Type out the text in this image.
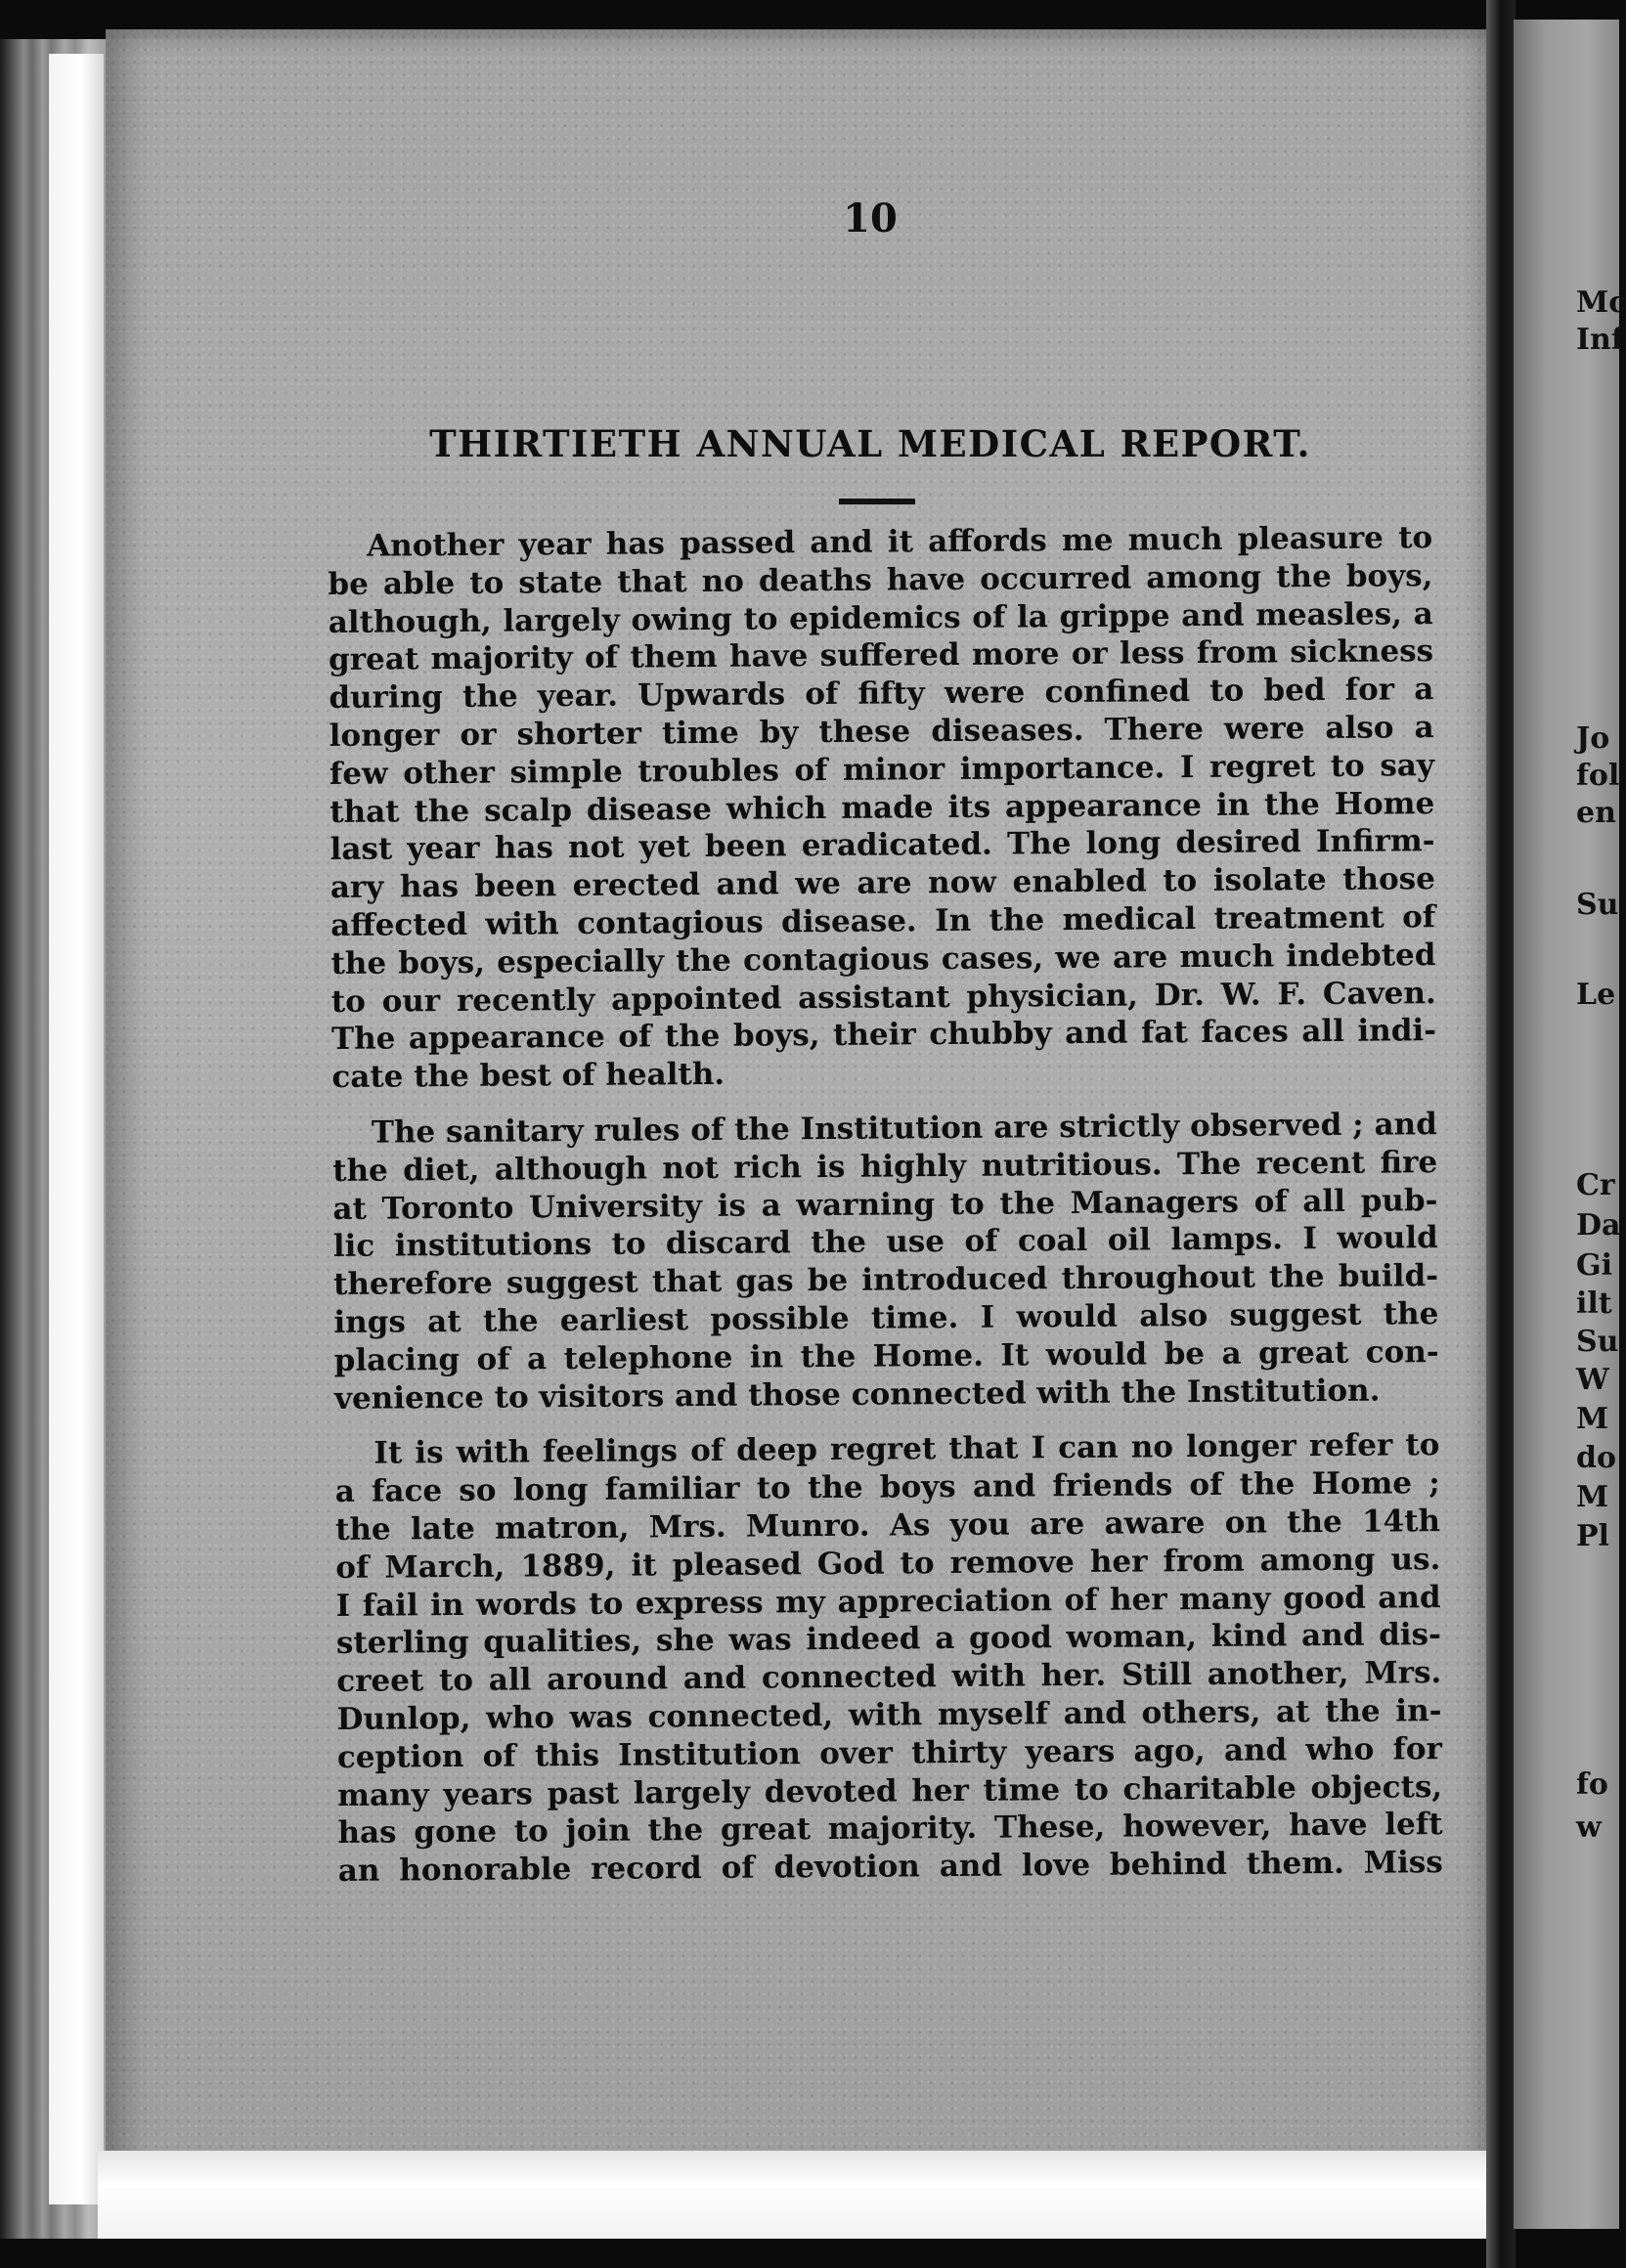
Mc
Inf
Jo
fol
en
Su
Le
Cr
Da
Gi
ilt
Su
W
M
do
M
Pl
fo
w
10
THIRTIETH ANNUAL MEDICAL REPORT.
Another year has passed and it affords me much pleasure to
be able to state that no deaths have occurred among the boys,
although, largely owing to epidemics of la grippe and measles, a
great majority of them have suffered more or less from sickness
during the year. Upwards of fifty were confined to bed for a
longer or shorter time by these diseases. There were also a
few other simple troubles of minor importance. I regret to say
that the scalp disease which made its appearance in the Home
last year has not yet been eradicated. The long desired Infirm-
ary has been erected and we are now enabled to isolate those
affected with contagious disease. In the medical treatment of
the boys, especially the contagious cases, we are much indebted
to our recently appointed assistant physician, Dr. W. F. Caven.
The appearance of the boys, their chubby and fat faces all indi-
cate the best of health.
The sanitary rules of the Institution are strictly observed ; and
the diet, although not rich is highly nutritious. The recent fire
at Toronto University is a warning to the Managers of all pub-
lic institutions to discard the use of coal oil lamps. I would
therefore suggest that gas be introduced throughout the build-
ings at the earliest possible time. I would also suggest the
placing of a telephone in the Home. It would be a great con-
venience to visitors and those connected with the Institution.
It is with feelings of deep regret that I can no longer refer to
a face so long familiar to the boys and friends of the Home ;
the late matron, Mrs. Munro. As you are aware on the 14th
of March, 1889, it pleased God to remove her from among us.
I fail in words to express my appreciation of her many good and
sterling qualities, she was indeed a good woman, kind and dis-
creet to all around and connected with her. Still another, Mrs.
Dunlop, who was connected, with myself and others, at the in-
ception of this Institution over thirty years ago, and who for
many years past largely devoted her time to charitable objects,
has gone to join the great majority. These, however, have left
an honorable record of devotion and love behind them. Miss
